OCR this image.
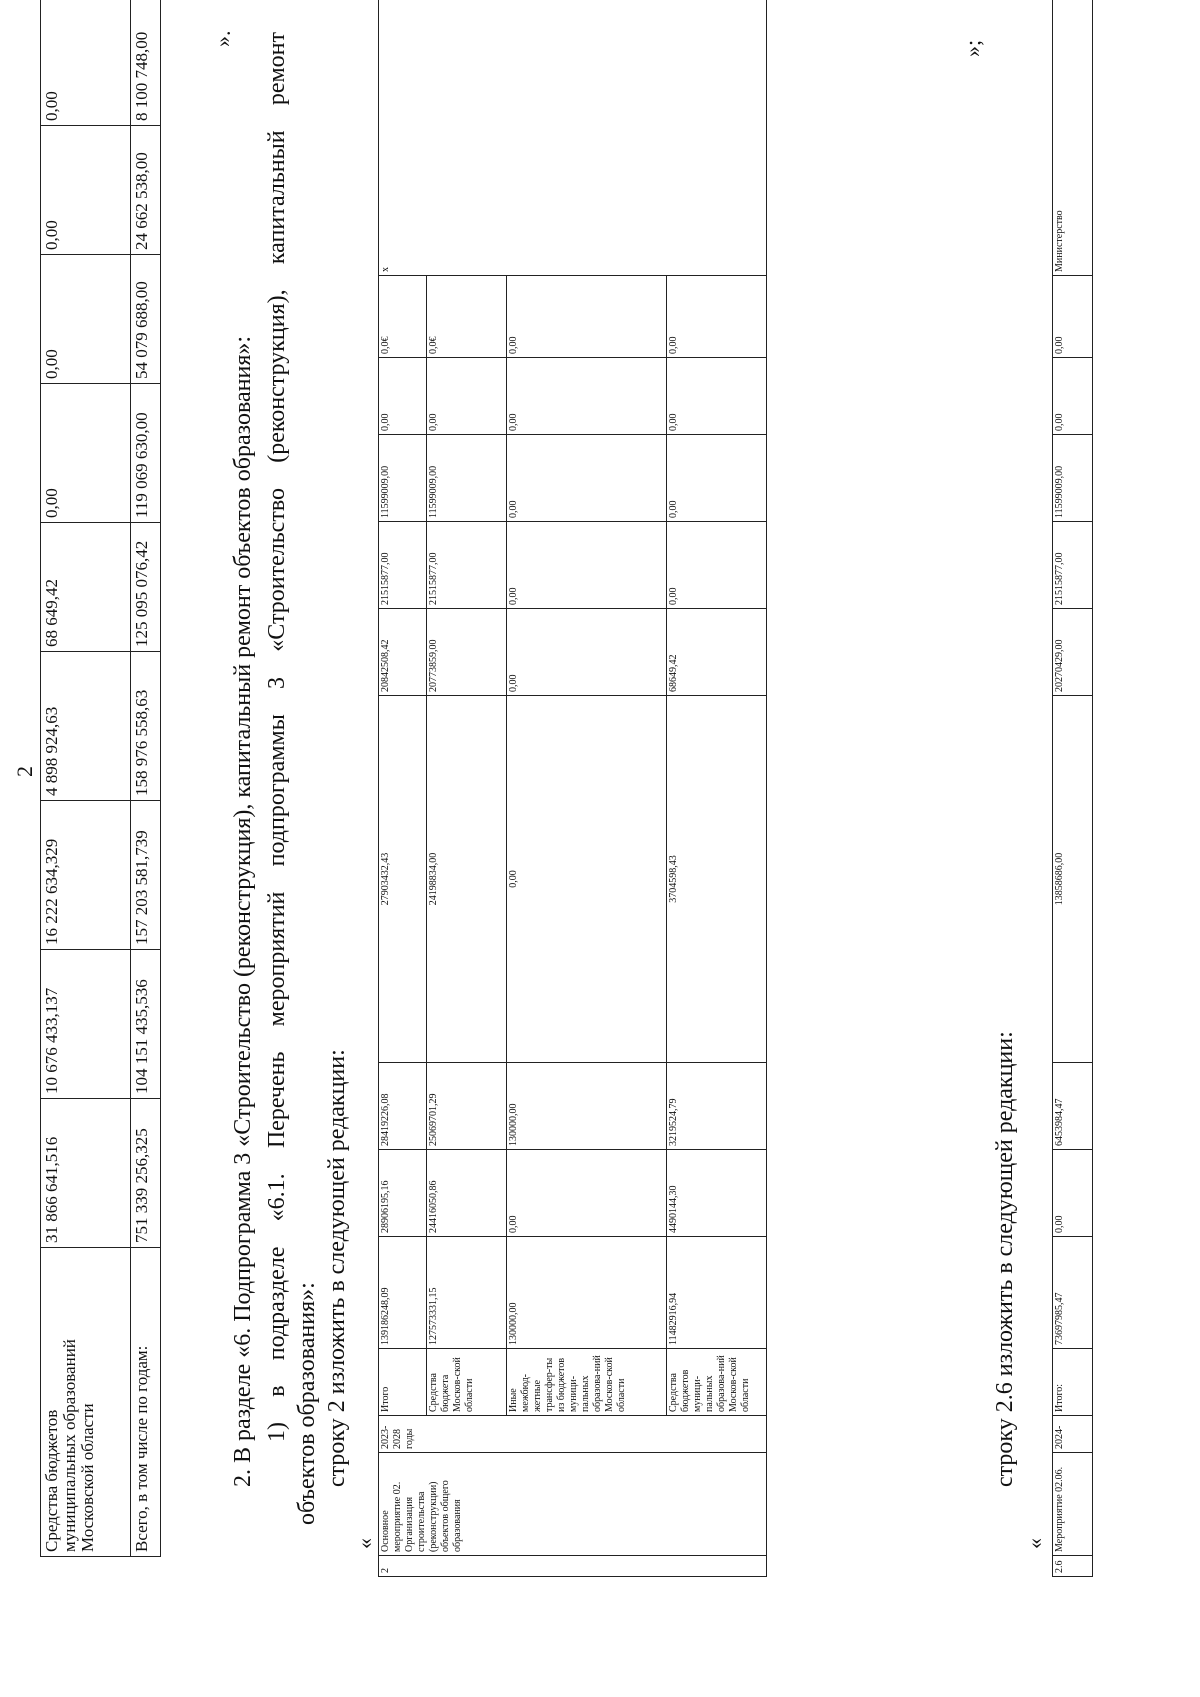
2
Средства бюджетов муниципальных образований Московской области	31 866 641,516	10 676 433,137	16 222 634,329	4 898 924,63	68 649,42	0,00	0,00	0,00	0,00
Всего, в том числе по годам:	751 339 256,325	104 151 435,536	157 203 581,739	158 976 558,63	125 095 076,42	119 069 630,00	54 079 688,00	24 662 538,00	8 100 748,00	».
2. В разделе «6. Подпрограмма 3 «Строительство (реконструкция), капитальный ремонт объектов образования»: 1)
в
подразделе
«6.1.
Перечень
мероприятий
подпрограммы
3
«Строительство
(реконструкция),
капитальный
ремонт
объектов образования»: строку 2 изложить в следующей редакции:
«
2	Основное мероприятие 02. Организация строительства (реконструкции) объектов общего образования	2023-2028 годы	Итого	139186248,09	28906195,16	28419226,08	27903432,43	20842508,42	21515877,00	11599009,00	0,00	0,0€	х
			Средства бюджета Москов-ской области	127573331,15	24416050,86	25069701,29	24198834,00	20773859,00	21515877,00	11599009,00	0,00	0,0€	
			Иные межбюд-жетные трансфер-ты из бюджетов муници-пальных образова-ний Москов-ской области	130000,00	0,00	130000,00	0,00	0,00	0,00	0,00	0,00	0,00	
			Средства бюджетов муници-пальных образова-ний Москов-ской области	11482916,94	4490144,30	3219524,79	3704598,43	68649,42	0,00	0,00	0,00	0,00	
»;
строку 2.6 изложить в следующей редакции:
«
2.6	Мероприятие 02.06.	2024-	Итого:	73697985,47	0,00	6453984,47	13858686,00	20270429,00	21515877,00	11599009,00	0,00	0,00	Министерство
